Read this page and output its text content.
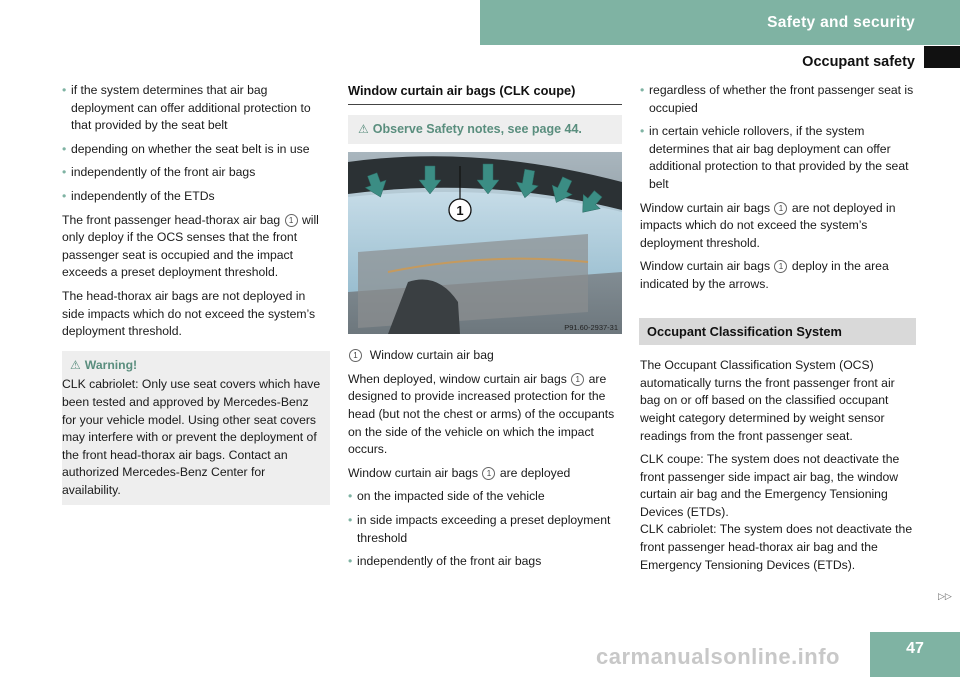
Safety and security
Occupant safety
• if the system determines that air bag deployment can offer additional protection to that provided by the seat belt
• depending on whether the seat belt is in use
• independently of the front air bags
• independently of the ETDs

The front passenger head-thorax air bag 1 will only deploy if the OCS senses that the front passenger seat is occupied and the impact exceeds a preset deployment threshold.

The head-thorax air bags are not deployed in side impacts which do not exceed the system’s deployment threshold.

⚠ Warning!
CLK cabriolet: Only use seat covers which have been tested and approved by Mercedes-Benz for your vehicle model. Using other seat covers may interfere with or prevent the deployment of the front head-thorax air bags. Contact an authorized Mercedes-Benz Center for availability.
Window curtain air bags (CLK coupe)
⚠ Observe Safety notes, see page 44.
1
P91.60-2937-31

1 Window curtain air bag

When deployed, window curtain air bags 1 are designed to provide increased protection for the head (but not the chest or arms) of the occupants on the side of the vehicle on which the impact occurs.

Window curtain air bags 1 are deployed

• on the impacted side of the vehicle
• in side impacts exceeding a preset deployment threshold
• independently of the front air bags
• regardless of whether the front passenger seat is occupied
• in certain vehicle rollovers, if the system determines that air bag deployment can offer additional protection to that provided by the seat belt

Window curtain air bags 1 are not deployed in impacts which do not exceed the system’s deployment threshold.

Window curtain air bags 1 deploy in the area indicated by the arrows.

Occupant Classification System

The Occupant Classification System (OCS) automatically turns the front passenger front air bag on or off based on the classified occupant weight category determined by weight sensor readings from the front passenger seat.

CLK coupe: The system does not deactivate the front passenger side impact air bag, the window curtain air bag and the Emergency Tensioning Devices (ETDs).

CLK cabriolet: The system does not deactivate the front passenger head-thorax air bag and the Emergency Tensioning Devices (ETDs).

▷▷
carmanualsonline.info	47
